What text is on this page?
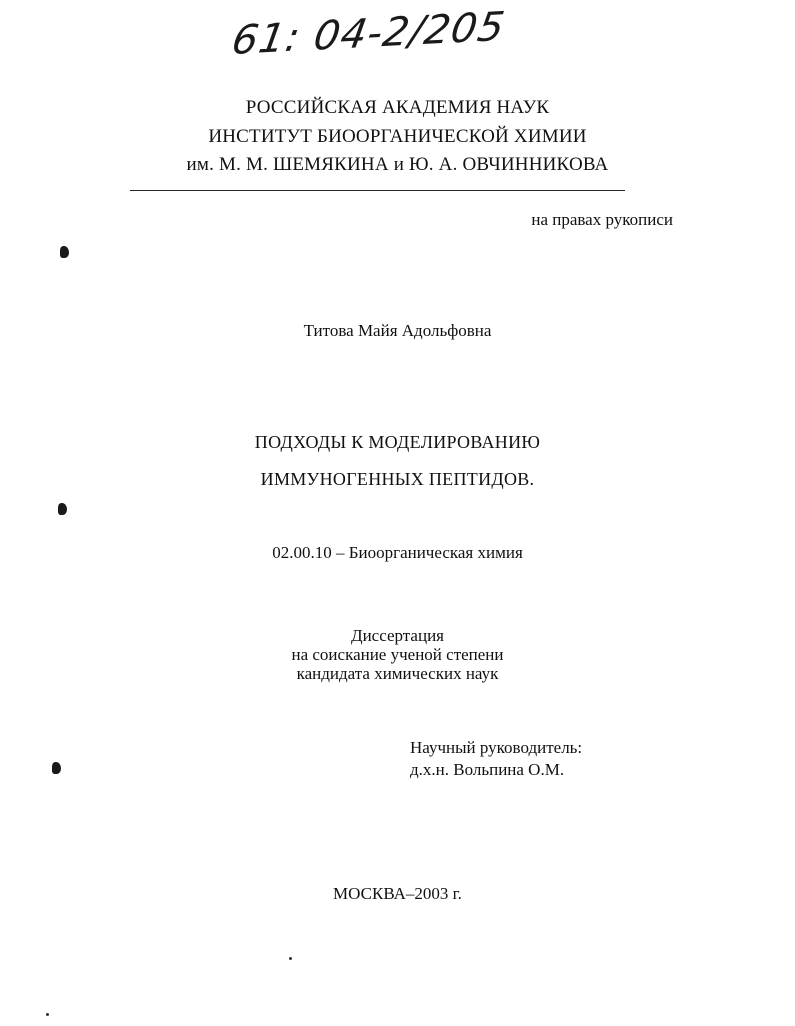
61: 04-2/205
РОССИЙСКАЯ АКАДЕМИЯ НАУК
ИНСТИТУТ БИООРГАНИЧЕСКОЙ ХИМИИ
им. М. М. ШЕМЯКИНА и Ю. А. ОВЧИННИКОВА
на правах рукописи
Титова Майя Адольфовна
ПОДХОДЫ К МОДЕЛИРОВАНИЮ
ИММУНОГЕННЫХ ПЕПТИДОВ.
02.00.10 – Биоорганическая химия
Диссертация
на соискание ученой степени
кандидата химических наук
Научный руководитель:
д.х.н. Вольпина О.М.
МОСКВА–2003 г.
